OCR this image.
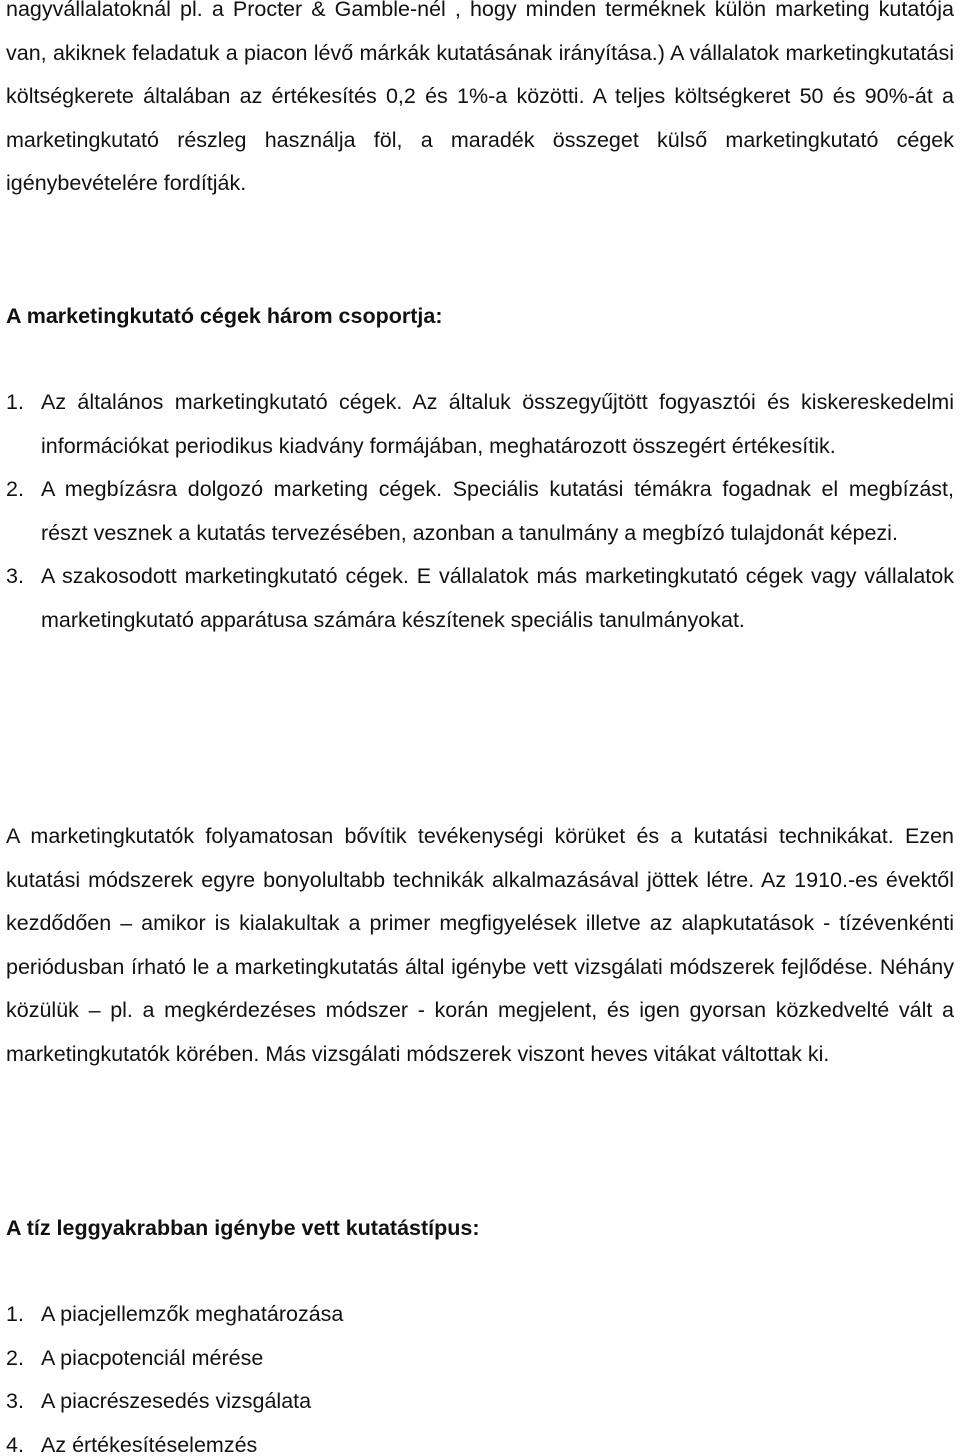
nagyvállalatoknál pl. a Procter & Gamble-nél , hogy minden terméknek külön marketing kutatója van, akiknek feladatuk a piacon lévő márkák kutatásának irányítása.) A vállalatok marketingkutatási költségkerete általában az értékesítés 0,2 és 1%-a közötti. A teljes költségkeret 50 és 90%-át a marketingkutató részleg használja föl, a maradék összeget külső marketingkutató cégek igénybevételére fordítják.

A marketingkutató cégek három csoportja:
1. Az általános marketingkutató cégek. Az általuk összegyűjtött fogyasztói és kiskereskedelmi információkat periodikus kiadvány formájában, meghatározott összegért értékesítik.
2. A megbízásra dolgozó marketing cégek. Speciális kutatási témákra fogadnak el megbízást, részt vesznek a kutatás tervezésében, azonban a tanulmány a megbízó tulajdonát képezi.
3. A szakosodott marketingkutató cégek. E vállalatok más marketingkutató cégek vagy vállalatok marketingkutató apparátusa számára készítenek speciális tanulmányokat.

A marketingkutatók folyamatosan bővítik tevékenységi körüket és a kutatási technikákat. Ezen kutatási módszerek egyre bonyolultabb technikák alkalmazásával jöttek létre. Az 1910.-es évektől kezdődően – amikor is kialakultak a primer megfigyelések illetve az alapkutatások - tízévenkénti periódusban írható le a marketingkutatás által igénybe vett vizsgálati módszerek fejlődése. Néhány közülük – pl. a megkérdezéses módszer - korán megjelent, és igen gyorsan közkedvelté vált a marketingkutatók körében. Más vizsgálati módszerek viszont heves vitákat váltottak ki.

A tíz leggyakrabban igénybe vett kutatástípus:
1. A piacjellemzők meghatározása
2. A piacpotenciál mérése
3. A piacrészesedés vizsgálata
4. Az értékesítéselemzés
